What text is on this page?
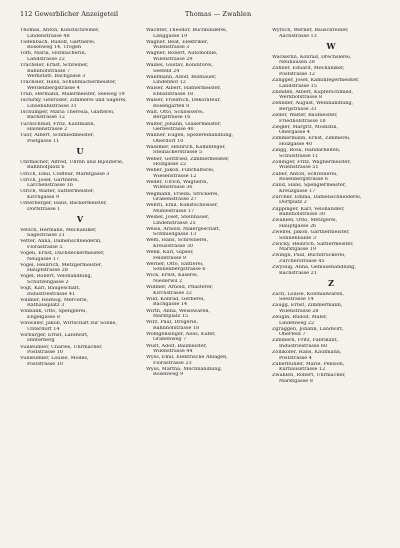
112 Gewerblicher Anzeigeteil	Thomas — Zwahlen
Thomas, Anton, Kunstschreiner,
Lindenstrasse 48
Tiefenbach, Rudolf, Gärtnerei,
Rosenweg 14, Trogen
Toffi, Maria, Hutmacherin,
Landstrasse 22
Trachsler, Ernst, Schreiner,
Bahnhofstrasse 7
Werkstatt: Bachgasse 3
Trachsler, Hans, Schuhmachermeister,
Werdenbergstrasse 4
Trüb, Hermann, Malermeister, Seeweg 19
Tschirky, Gebrüder, Zimmerei und Sägerei,
Linsebühlstrasse 31
Tschumper, Maria Theresia, Glätterei,
Bachstrasse 12
Tuchschmid, Fritz, Kaufmann,
Haldenstrasse 2
Tuor, Albert, Schmiedmeister,
Postgasse 11
U
Uhrmacher, Alfred, Uhren und Bijouterie,
Bahnhofplatz 6
Ulrich, Emil, Coiffeur, Marktgasse 3
Ulrich, Josef, Gärtnerei,
Lärchenstrasse 16
Ulrich, Walter, Sattlermeister,
Kirchgasse 9
Unterberger, Hans, Bäckermeister,
Dorfstrasse 1
V
Vetsch, Hermann, Mechaniker,
Sägestrasse 21
Vetter, Anna, Damenschneiderin,
Florastrasse 5
Vögeli, Ernst, Dachdeckermeister,
Neugasse 17
Vogel, Heinrich, Metzgermeister,
Hauptstrasse 28
Vogel, Robert, Velohandlung,
Schützengasse 2
Vogt, Karl, Baugeschäft,
Industriestrasse 41
Vollmer, Hedwig, Mercerie,
Rathausplatz 3
Vonbank, Otto, Spenglerei,
Engelgasse 8
Vonwiller, Jakob, Wirtschaft zur Sonne,
Unterdorf 14
Vorburger, Ernst, Landwirt,
Hinterberg
Vuilleumier, Charles, Uhrmacher,
Poststrasse 10
Vuilleumier, Louise, Modes,
Poststrasse 10
Wachter, Theodor, Buchbinderei,
Langgasse 19
Wagner, Beat, Elektriker,
Wilenstrasse 3
Wagner, Robert, Automobile,
Wilenstrasse 29
Waibel, Gustav, Konditorei,
Seefeld 24
Waldmann, Adolf, Bildhauer,
Lindenhof 12
Walser, Albert, Hafnermeister,
Ebnatstrasse 18
Walser, Friedrich, Dekorateur,
Rosengarten 8
Walt, Otto, Schlosserei,
Bergstrasse 16
Walter, Johann, Glasermeister,
Gerbestrasse 40
Wanner, Eugen, Spezereihandlung,
Oberdorf 10
Wassmer, Heinrich, Kaminfeger,
Steinackerstrasse 5
Weber, Gottfried, Zimmermeister,
Holzgasse 22
Weber, Jakob, Fuhrhalterei,
Wiesenstrasse 12
Weder, Ulrich, Wagnerei,
Wilenstrasse 36
Wegmann, Frieda, Strickerei,
Grabenstrasse 27
Wehrli, Emil, Kunstschlosser,
Mühlestrasse 17
Weibel, Josef, Steinhauer,
Lindenstrasse 25
Weiss, Arnold, Malergeschäft,
Schmiedgasse 13
Welti, Hans, Schreinerei,
Kreuzstrasse 30
Wenk, Karl, Gipser,
Feldstrasse 9
Werner, Otto, Sattlerei,
Sonnenbergstrasse 6
Wick, Ernst, Käserei,
Niederwil 2
Widmer, Arnold, Pflästerer,
Kirchstrasse 32
Wild, Konrad, Gerberei,
Bachgasse 14
Wirth, Anna, Weisswaren,
Marktplatz 15
Wirz, Paul, Drogerie,
Bahnhofstrasse 18
Wohlgensinger, Alois, Küfer,
Grabenweg 7
Wüst, Adolf, Baumeister,
Wilenstrasse 44
Wyss, Emil, Elektrische Anlagen,
Florastrasse 23
Wyss, Martha, Milchhandlung,
Rosenweg 9
Wyrsch, Werner, Bauschreiner,
Aachstrasse 13
W
Wäckerlin, Konrad, Drechslerei,
Neuhausen 28
Zahner, Eduard, Mechaniker,
Poststrasse 12
Zangger, Josef, Kaminfegermeister,
Landstrasse 15
Zbinden, Albert, Kupferschmied,
Werkhofstrasse 8
Zehnder, August, Weinhandlung,
Bergstrasse 33
Zeller, Walter, Baumeister,
Friedhofstrasse 18
Ziegler, Margrit, Modistin,
Obergasse 4
Zimmermann, Ernst, Zimmerei,
Holzgasse 40
Zingg, Rosa, Handarbeiten,
Schulstrasse 11
Zollinger, Fritz, Wagnermeister,
Wilenstrasse 51
Zuber, Anton, Schreinerei,
Rosenbergstrasse 6
Zünd, Hans, Spenglermeister,
Kreuzgasse 17
Zürcher, Emma, Damenschneiderei,
Dorfplatz 2
Zuppinger, Karl, Velohändler,
Bahnhofstrasse 30
Zwahlen, Otto, Metzgerei,
Hauptgasse 26
Zweifel, Jakob, Gärtnermeister,
Sonnenhalde 3
Zwicky, Heinrich, Sattlermeister,
Marktgasse 19
Zwingli, Paul, Buchdruckerei,
Zürcherstrasse 45
Zwyssig, Anna, Gemüsehandlung,
Bachstrasse 21
Z
Zäch, Louise, Kolonialwaren,
Seestrasse 14
Zaugg, Ernst, Zimmermann,
Wilenstrasse 28
Zeugin, Rudolf, Maler,
Lindenweg 22
Zgraggen, Johann, Landwirt,
Oberfeld 7
Zimmerli, Fritz, Fabrikant,
Industriestrasse 60
Zollikofer, Hans, Kaufmann,
Poststrasse 4
Zuberbühler, Marie, Pension,
Kurhausstrasse 12
Zwahlen, Robert, Uhrmacher,
Marktgasse 8
